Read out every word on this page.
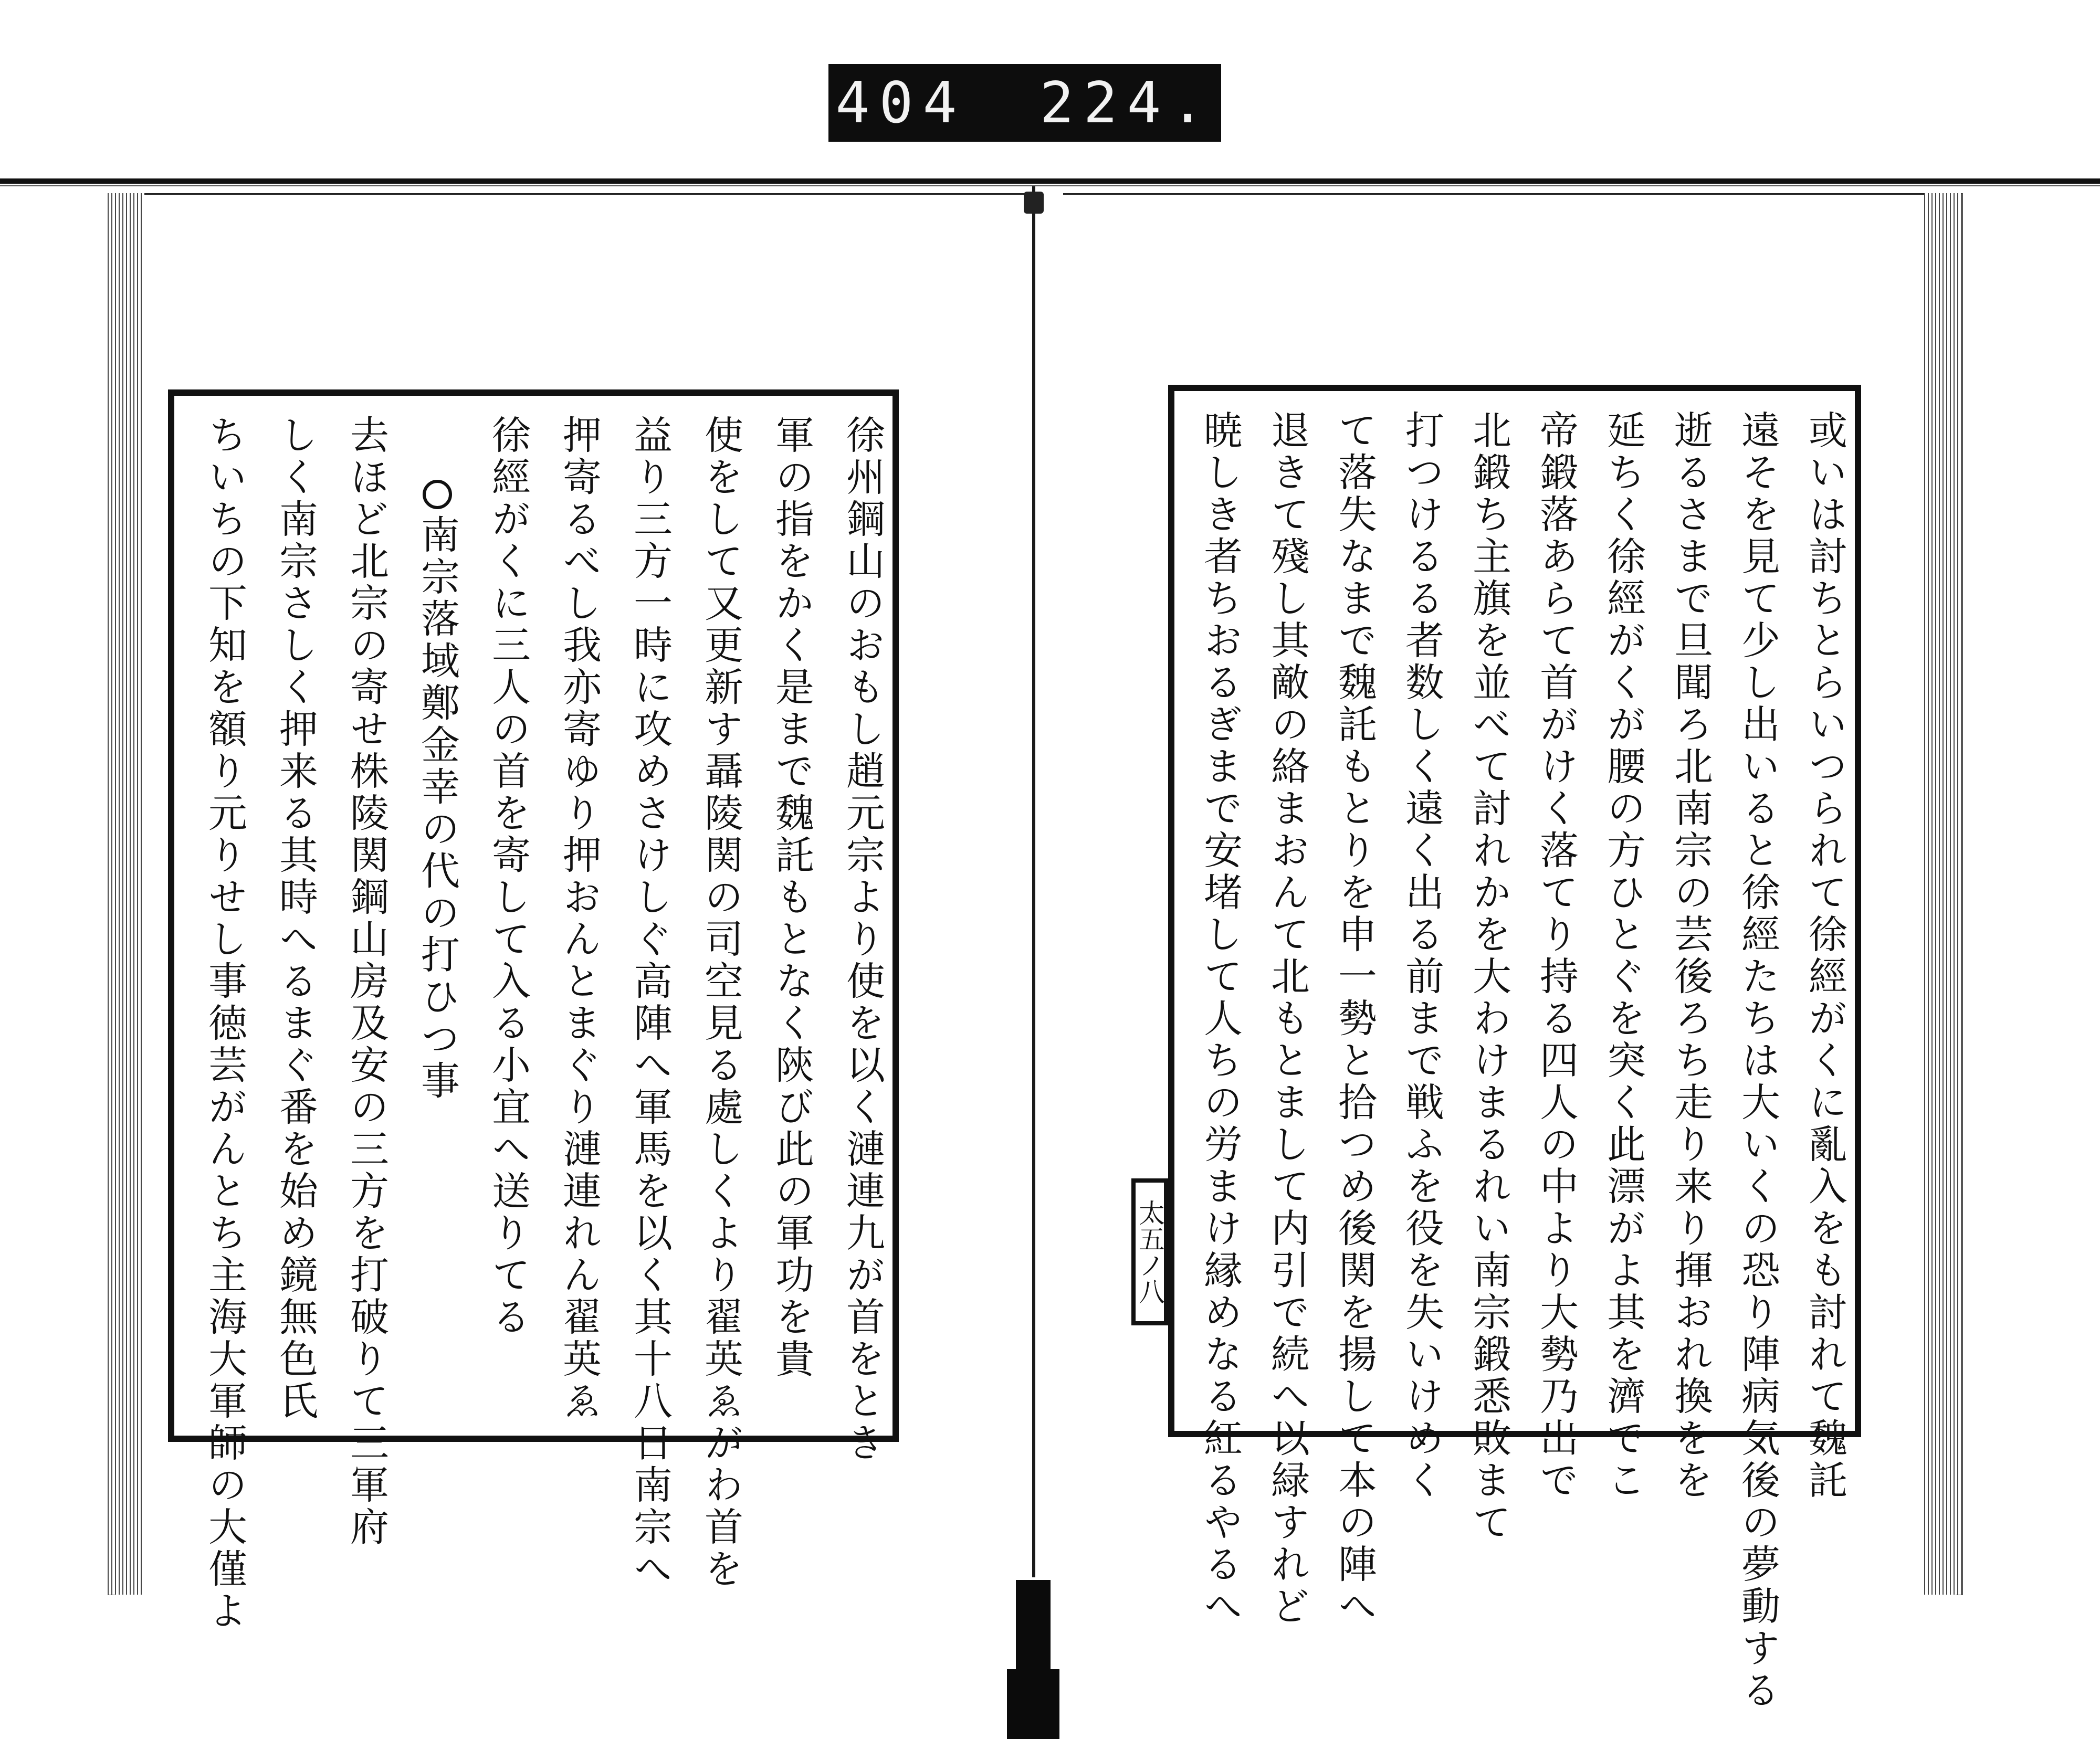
404 224.
徐州鋼山のおもし趙元宗より使を以く漣連九が首をとき
軍の指をかく是まで魏託もとなく陝び此の軍功を貴
使をして又更新す聶陵関の司空見る處しくより翟英ゑがわ首を
益り三方一時に攻めさけしぐ高陣へ軍馬を以く其十八日南宗へ
押寄るべし我亦寄ゆり押おんとまぐり漣連れん翟英ゑ
徐經がくに三人の首を寄して入る小宜へ送りてる
南宗落域鄭金幸の代の打ひつ事
去ほど北宗の寄せ株陵関鋼山房及安の三方を打破りて三軍府
しく南宗さしく押来る其時へるまぐ番を始め鏡無色氏
ちいちの下知を額り元りせし事徳芸がんとち主海大軍師の大僅よ	或いは討ちとらいつられて徐經がくに亂入をも討れて魏託
遠そを見て少し出いると徐經たちは大いくの恐り陣病気後の夢動する
逝るさまで旦聞ろ北南宗の芸後ろち走り来り揮おれ換をを
延ちく徐經がくが腰の方ひとぐを突く此漂がよ其を濟でこ
帝鍛落あらて首がけく落てり持る四人の中より大勢乃出で
北鍛ち主旗を並べて討れかを大わけまるれい南宗鍛悉敗まて
打つけるる者数しく遠く出る前まで戦ふを役を失いけめく
て落失なまで魏託もとりを申一勢と拾つめ後関を揚して本の陣へ
退きて殘し其敵の絡まおんて北もとまして内引で続へ以緑すれど
暁しき者ちおるぎまで安堵して人ちの労まけ縁めなる紅るやるへ
太五ノ八
